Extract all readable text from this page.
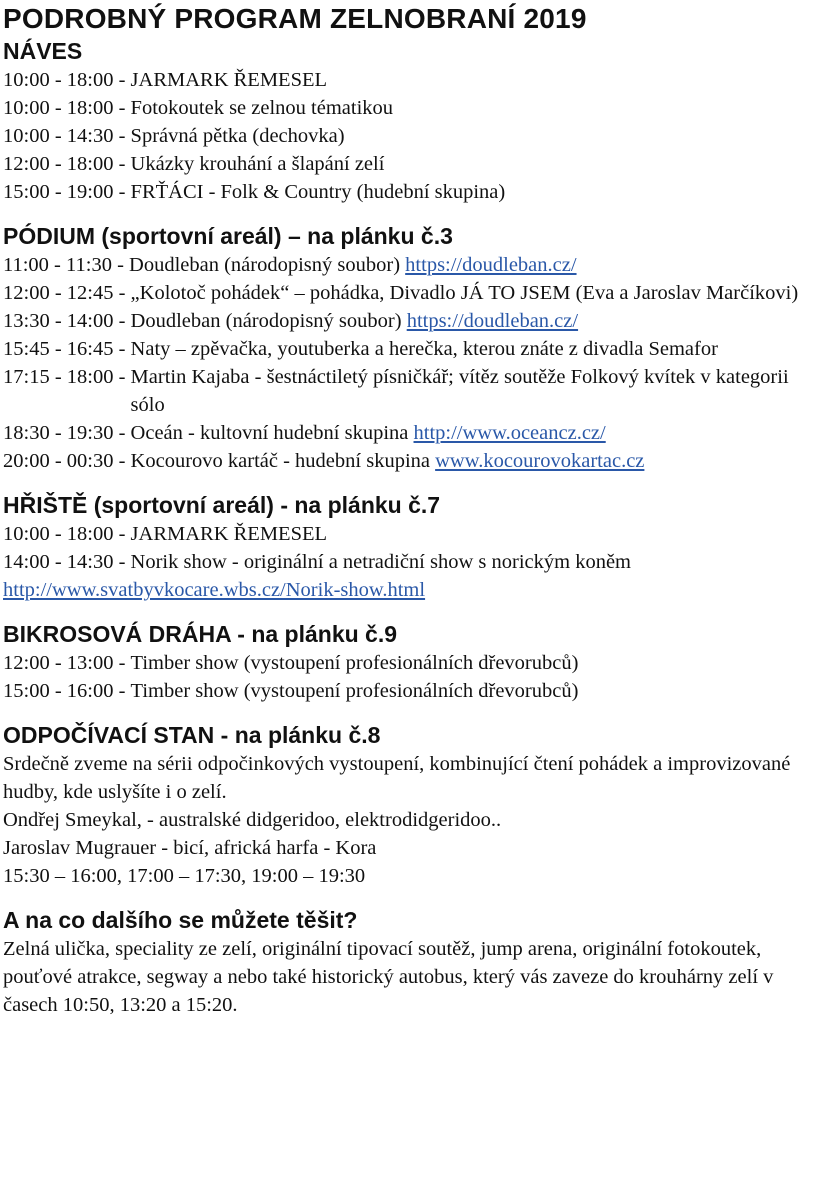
PODROBNÝ PROGRAM ZELNOBRANÍ 2019
NÁVES
10:00 - 18:00 - JARMARK ŘEMESEL
10:00 - 18:00 - Fotokoutek se zelnou tématikou
10:00 - 14:30 - Správná pětka (dechovka)
12:00 - 18:00 - Ukázky krouhání a šlapání zelí
15:00 - 19:00 - FRŤÁCI - Folk & Country (hudební skupina)
PÓDIUM (sportovní areál) – na plánku č.3
11:00 - 11:30 - Doudleban (národopisný soubor) https://doudleban.cz/
12:00 - 12:45 - „Kolotoč pohádek“ – pohádka, Divadlo JÁ TO JSEM (Eva a Jaroslav Marčíkovi)
13:30 - 14:00 - Doudleban (národopisný soubor) https://doudleban.cz/
15:45 - 16:45 - Naty – zpěvačka, youtuberka a herečka, kterou znáte z divadla Semafor
17:15 - 18:00 - Martin Kajaba - šestnáctiletý písničkář; vítěz soutěže Folkový kvítek v kategorii sólo
18:30 - 19:30 - Oceán - kultovní hudební skupina http://www.oceancz.cz/
20:00 - 00:30 - Kocourovo kartáč - hudební skupina www.kocourovokartac.cz
HŘIŠTĚ (sportovní areál) - na plánku č.7
10:00 - 18:00 - JARMARK ŘEMESEL
14:00 - 14:30 - Norik show - originální a netradiční show s norickým koněm
http://www.svatbyvkocare.wbs.cz/Norik-show.html
BIKROSOVÁ DRÁHA - na plánku č.9
12:00 - 13:00 - Timber show (vystoupení profesionálních dřevorubců)
15:00 - 16:00 - Timber show (vystoupení profesionálních dřevorubců)
ODPOČÍVACÍ STAN - na plánku č.8
Srdečně zveme na sérii odpočinkových vystoupení, kombinující čtení pohádek a improvizované hudby, kde uslyšíte i o zelí.
Ondřej Smeykal, - australské didgeridoo, elektrodidgeridoo..
Jaroslav Mugrauer - bicí, africká harfa - Kora
15:30 – 16:00, 17:00 – 17:30, 19:00 – 19:30
A na co dalšího se můžete těšit?
Zelná ulička, speciality ze zelí, originální tipovací soutěž, jump arena, originální fotokoutek, pouťové atrakce, segway a nebo také historický autobus, který vás zaveze do krouhárny zelí v časech 10:50, 13:20 a 15:20.
